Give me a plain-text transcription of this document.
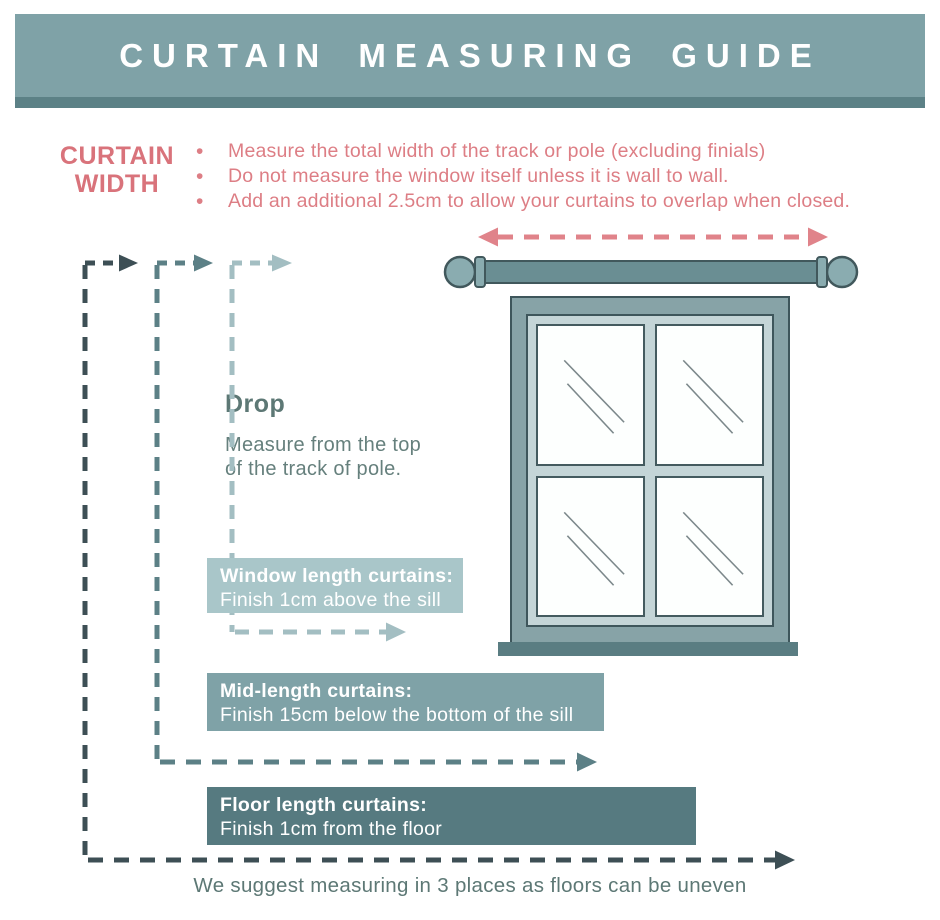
CURTAIN MEASURING GUIDE
CURTAIN
WIDTH
•
Measure the total width of the track or pole (excluding finials)
•
Do not measure the window itself unless it is wall to wall.
•
Add an additional 2.5cm to allow your curtains to overlap when closed.
Drop

Measure from the top
of the track of pole.

Window length curtains:
Finish 1cm above the sill
Mid-length curtains:
Finish 15cm below the bottom of the sill
Floor length curtains:
Finish 1cm from the floor
We suggest measuring in 3 places as floors can be uneven
